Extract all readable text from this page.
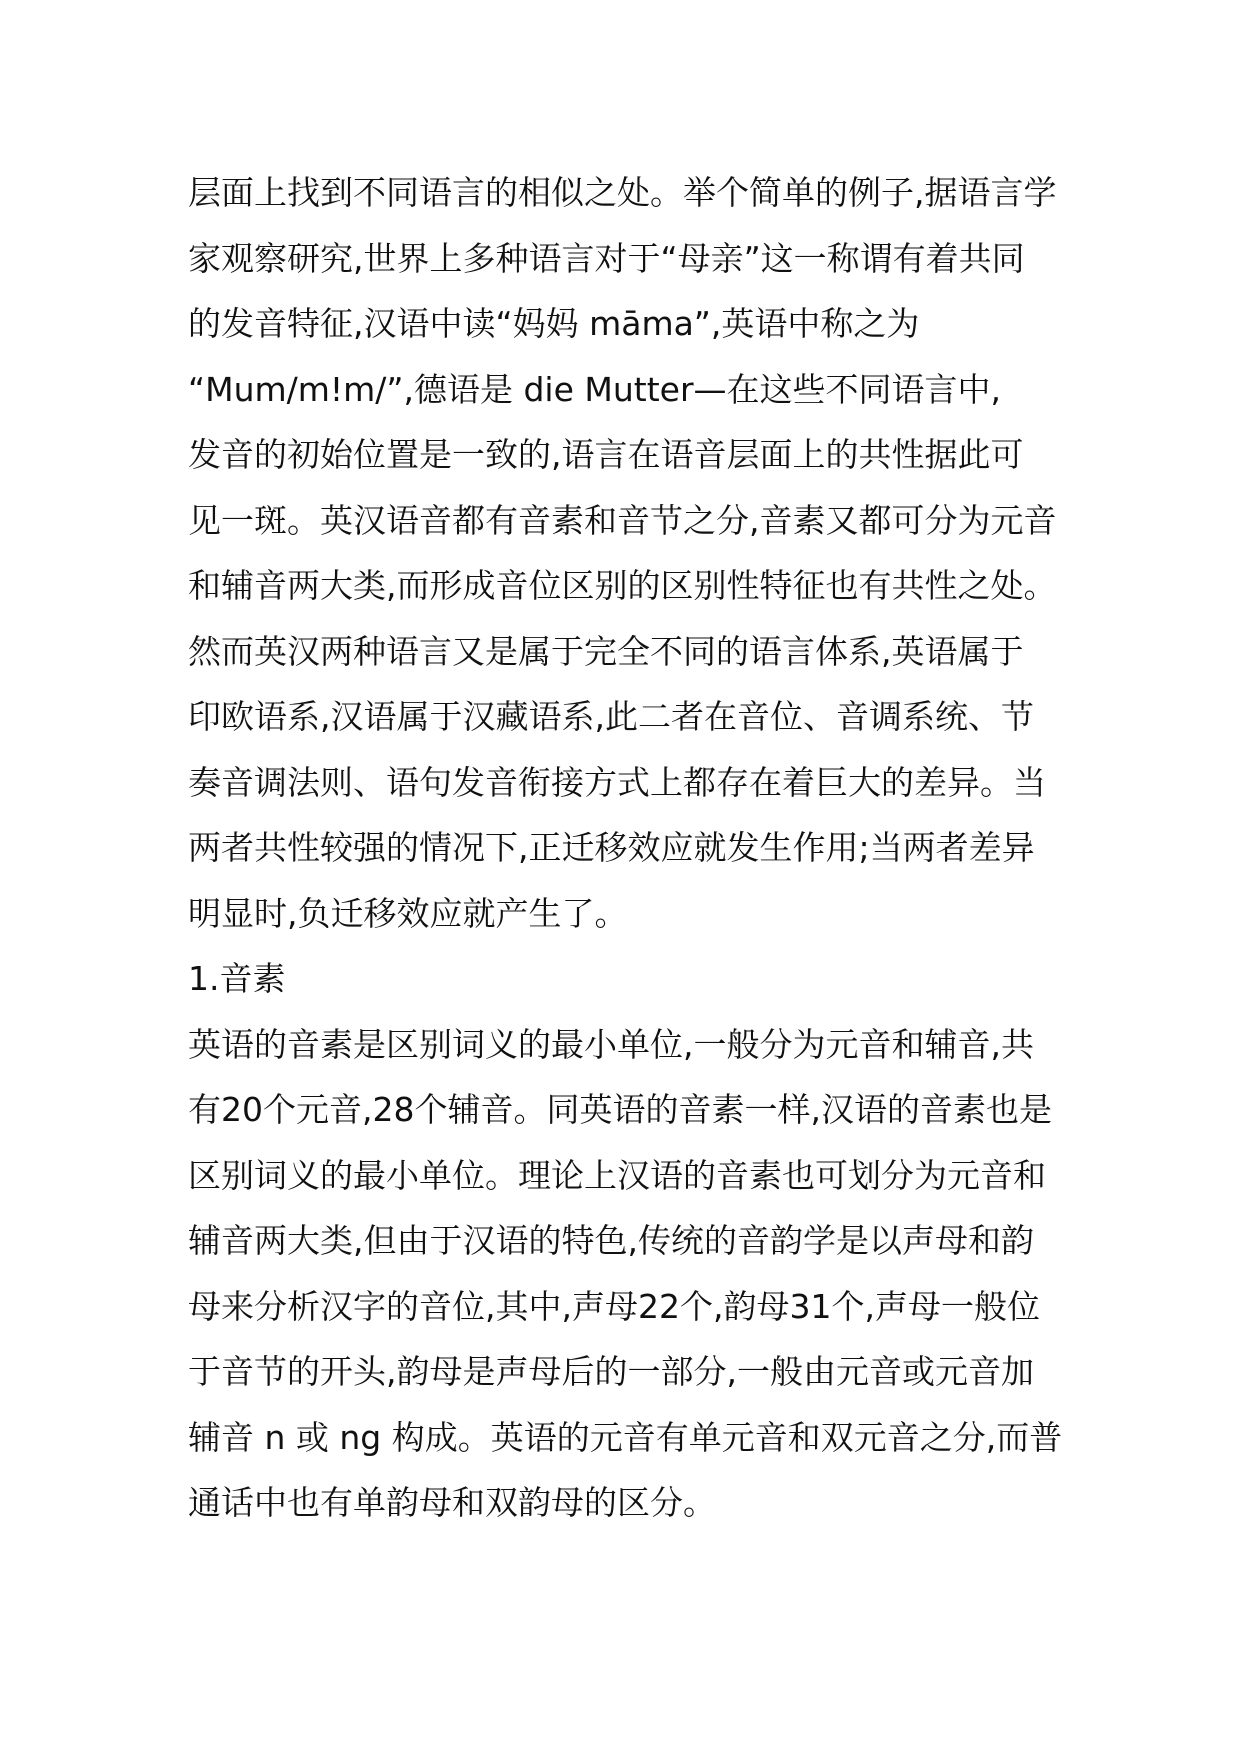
层面上找到不同语言的相似之处。举个简单的例子,据语言学
家观察研究,世界上多种语言对于“母亲”这一称谓有着共同
的发音特征,汉语中读“妈妈 māma”,英语中称之为
“Mum/m!m/”,德语是 die Mutter—在这些不同语言中,
发音的初始位置是一致的,语言在语音层面上的共性据此可
见一斑。英汉语音都有音素和音节之分,音素又都可分为元音
和辅音两大类,而形成音位区别的区别性特征也有共性之处。
然而英汉两种语言又是属于完全不同的语言体系,英语属于
印欧语系,汉语属于汉藏语系,此二者在音位、音调系统、节
奏音调法则、语句发音衔接方式上都存在着巨大的差异。当
两者共性较强的情况下,正迁移效应就发生作用;当两者差异
明显时,负迁移效应就产生了。
1.音素
英语的音素是区别词义的最小单位,一般分为元音和辅音,共
有20个元音,28个辅音。同英语的音素一样,汉语的音素也是
区别词义的最小单位。理论上汉语的音素也可划分为元音和
辅音两大类,但由于汉语的特色,传统的音韵学是以声母和韵
母来分析汉字的音位,其中,声母22个,韵母31个,声母一般位
于音节的开头,韵母是声母后的一部分,一般由元音或元音加
辅音 n 或 ng 构成。英语的元音有单元音和双元音之分,而普
通话中也有单韵母和双韵母的区分。
